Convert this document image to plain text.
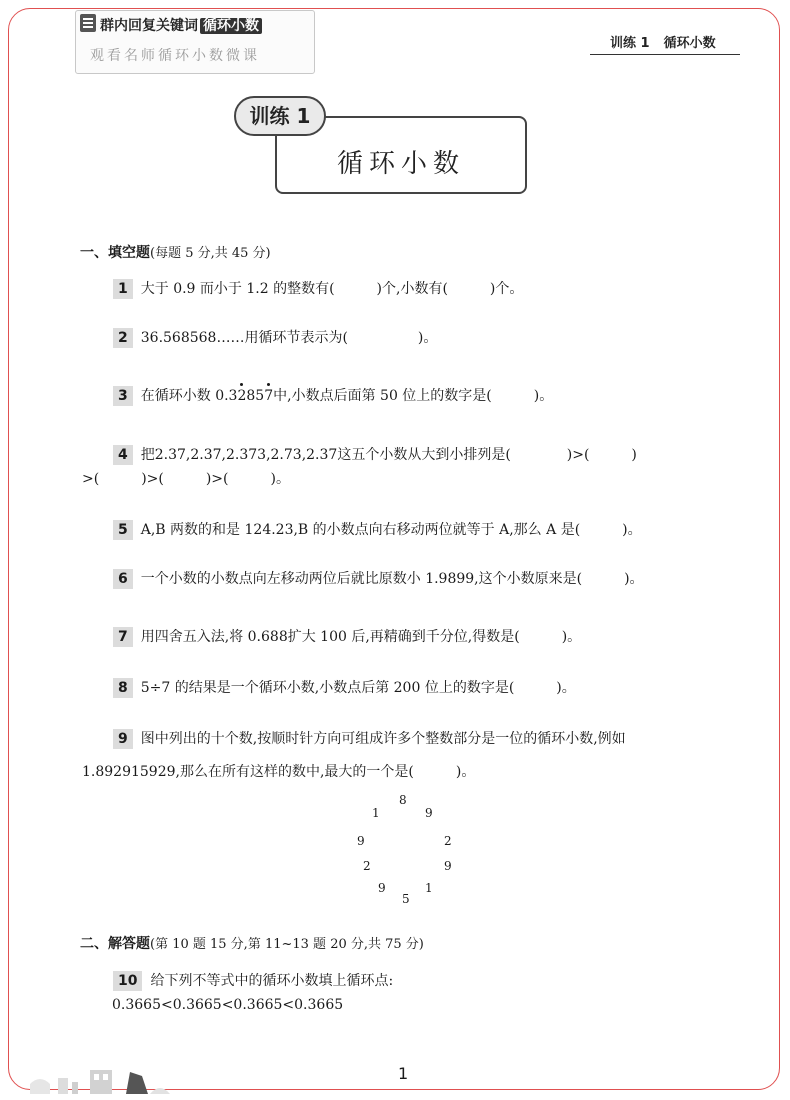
群内回复关键词 循环小数
观看名师循环小数微课
训练 1 循环小数
训练 1
循环小数
一、填空题(每题 5 分,共 45 分)
1 大于 0.9 而小于 1.2 的整数有(　　　)个,小数有(　　　)个。
2 36.568568……用循环节表示为(　　　　　)。
3 在循环小数 0.32857中,小数点后面第 50 位上的数字是(　　　)。
4 把2.37,2.37,2.373,2.73,2.37这五个小数从大到小排列是(　　　　)>(　　　)
>(　　　)>(　　　)>(　　　)。
5 A,B 两数的和是 124.23,B 的小数点向右移动两位就等于 A,那么 A 是(　　　)。
6 一个小数的小数点向左移动两位后就比原数小 1.9899,这个小数原来是(　　　)。
7 用四舍五入法,将 0.688扩大 100 后,再精确到千分位,得数是(　　　)。
8 5÷7 的结果是一个循环小数,小数点后第 200 位上的数字是(　　　)。
9 图中列出的十个数,按顺时针方向可组成许多个整数部分是一位的循环小数,例如
1.892915929,那么在所有这样的数中,最大的一个是(　　　)。
8
9
2
9
1
5
9
2
9
1
二、解答题(第 10 题 15 分,第 11~13 题 20 分,共 75 分)
10 给下列不等式中的循环小数填上循环点:
0.3665<0.3665<0.3665<0.3665
1
